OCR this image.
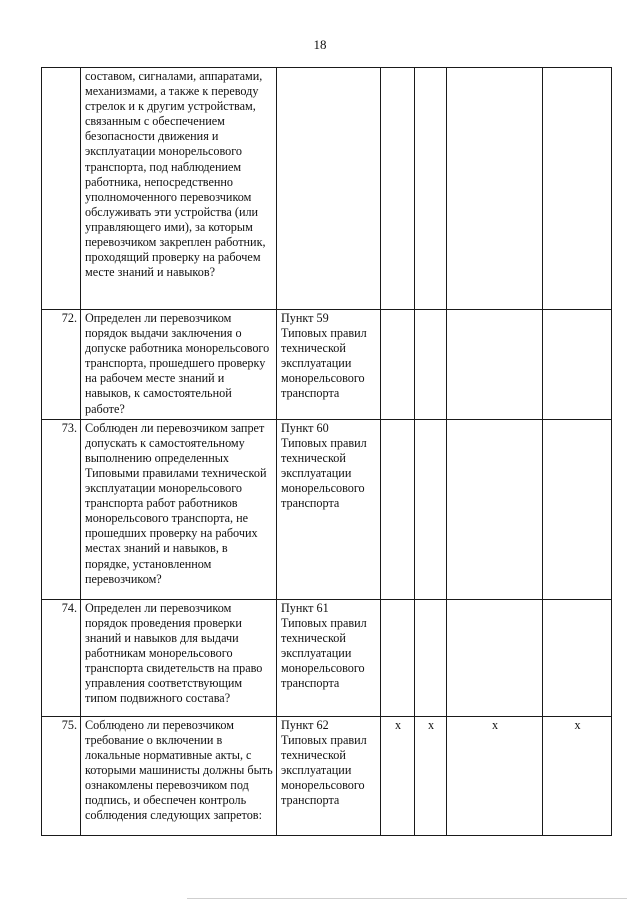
18
	составом, сигналами, аппаратами, механизмами, а также к переводу стрелок и к другим устройствам, связанным с обеспечением безопасности движения и эксплуатации монорельсового транспорта, под наблюдением работника, непосредственно уполномоченного перевозчиком обслуживать эти устройства (или управляющего ими), за которым перевозчиком закреплен работник, проходящий проверку на рабочем месте знаний и навыков?					
72.	Определен ли перевозчиком порядок выдачи заключения о допуске работника монорельсового транспорта, прошедшего проверку на рабочем месте знаний и навыков, к самостоятельной работе?	Пункт 59 Типовых правил технической эксплуатации монорельсового транспорта				
73.	Соблюден ли перевозчиком запрет допускать к самостоятельному выполнению определенных Типовыми правилами технической эксплуатации монорельсового транспорта работ работников монорельсового транспорта, не прошедших проверку на рабочих местах знаний и навыков, в порядке, установленном перевозчиком?	Пункт 60 Типовых правил технической эксплуатации монорельсового транспорта				
74.	Определен ли перевозчиком порядок проведения проверки знаний и навыков для выдачи работникам монорельсового транспорта свидетельств на право управления соответствующим типом подвижного состава?	Пункт 61 Типовых правил технической эксплуатации монорельсового транспорта				
75.	Соблюдено ли перевозчиком требование о включении в локальные нормативные акты, с которыми машинисты должны быть ознакомлены перевозчиком под подпись, и обеспечен контроль соблюдения следующих запретов:	Пункт 62 Типовых правил технической эксплуатации монорельсового транспорта	x	x	x	x
